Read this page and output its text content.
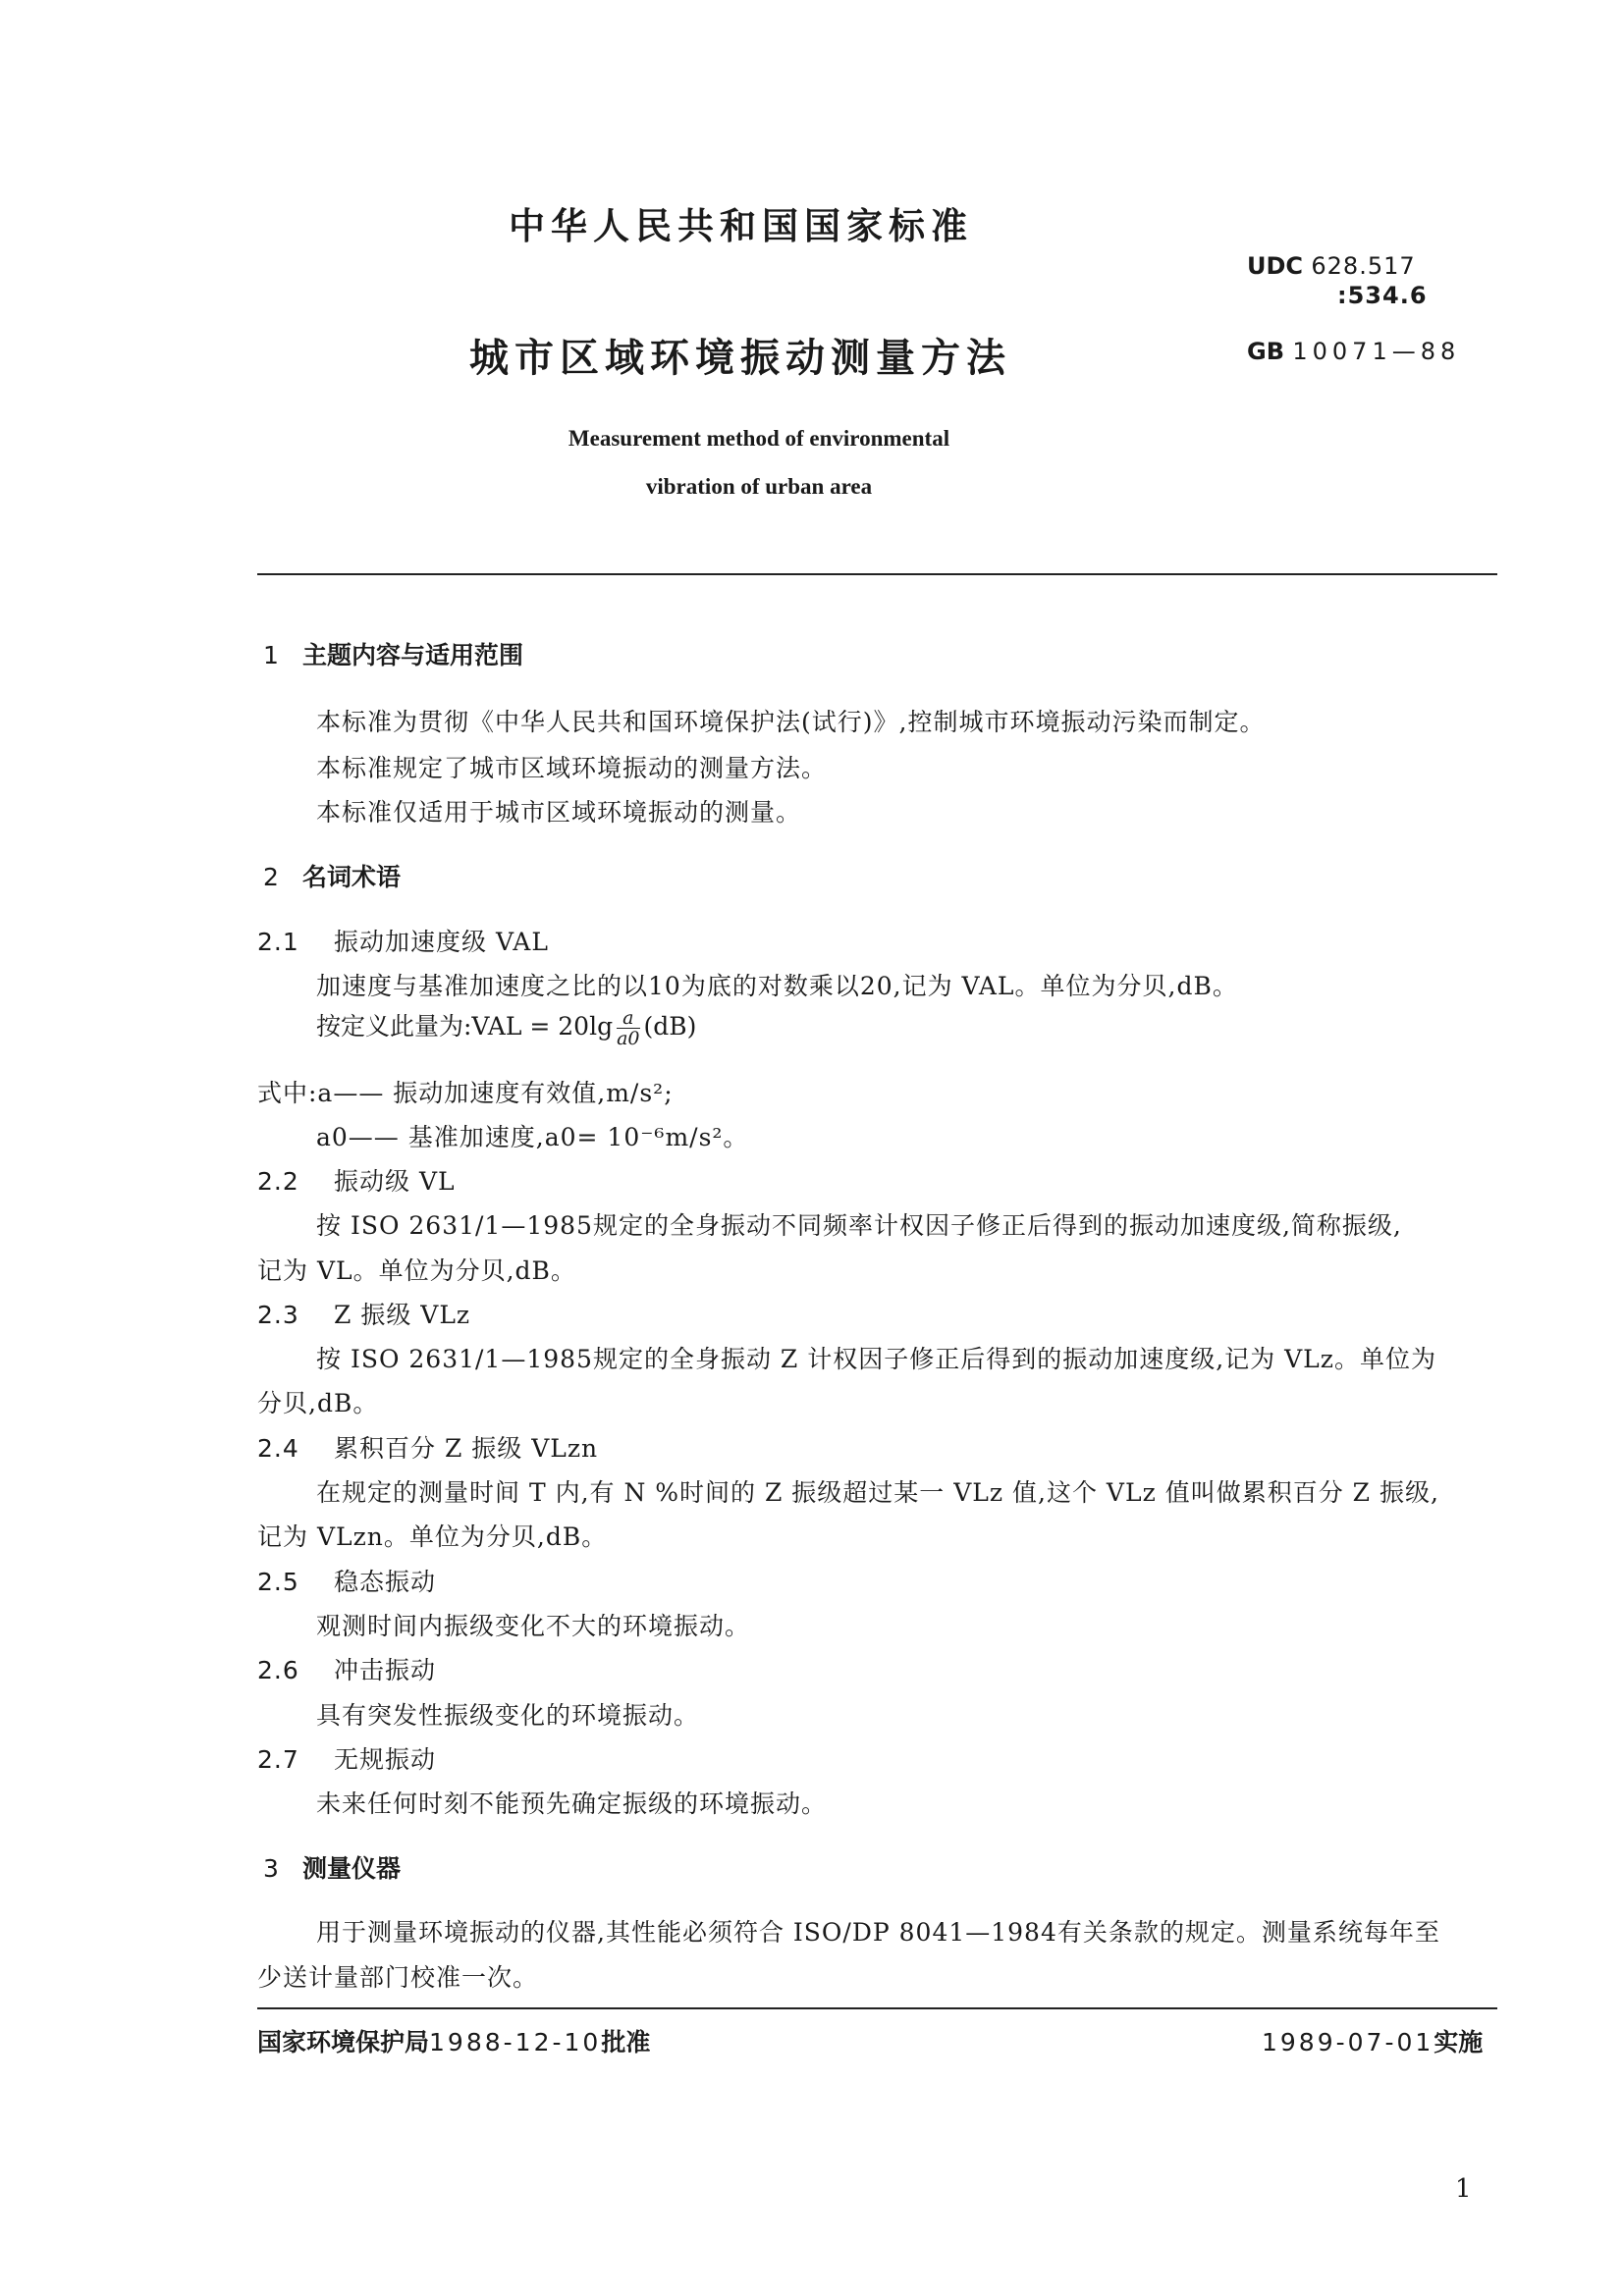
中华人民共和国国家标准
城市区域环境振动测量方法
Measurement method of environmental
vibration of urban area
UDC 628.517
:534.6
GB 10071—88
1 主题内容与适用范围
本标准为贯彻《中华人民共和国环境保护法(试行)》,控制城市环境振动污染而制定。
本标准规定了城市区域环境振动的测量方法。
本标准仅适用于城市区域环境振动的测量。
2 名词术语
2.1 振动加速度级 VAL
加速度与基准加速度之比的以10为底的对数乘以20,记为 VAL。单位为分贝,dB。
按定义此量为:VAL = $20\lg \frac{a}{a0} (dB)$
式中:a—— 振动加速度有效值,m/s²;
a0—— 基准加速度,a0= 10⁻⁶m/s²。
2.2 振动级 VL
按 ISO 2631/1—1985规定的全身振动不同频率计权因子修正后得到的振动加速度级,简称振级,
记为 VL。单位为分贝,dB。
2.3 Z 振级 VLz
按 ISO 2631/1—1985规定的全身振动 Z 计权因子修正后得到的振动加速度级,记为 VLz。单位为
分贝,dB。
2.4 累积百分 Z 振级 VLzn
在规定的测量时间 T 内,有 N %时间的 Z 振级超过某一 VLz 值,这个 VLz 值叫做累积百分 Z 振级,
记为 VLzn。单位为分贝,dB。
2.5 稳态振动
观测时间内振级变化不大的环境振动。
2.6 冲击振动
具有突发性振级变化的环境振动。
2.7 无规振动
未来任何时刻不能预先确定振级的环境振动。
3 测量仪器
用于测量环境振动的仪器,其性能必须符合 ISO/DP 8041—1984有关条款的规定。测量系统每年至
少送计量部门校准一次。
国家环境保护局1988-12-10批准	1989-07-01实施
1
